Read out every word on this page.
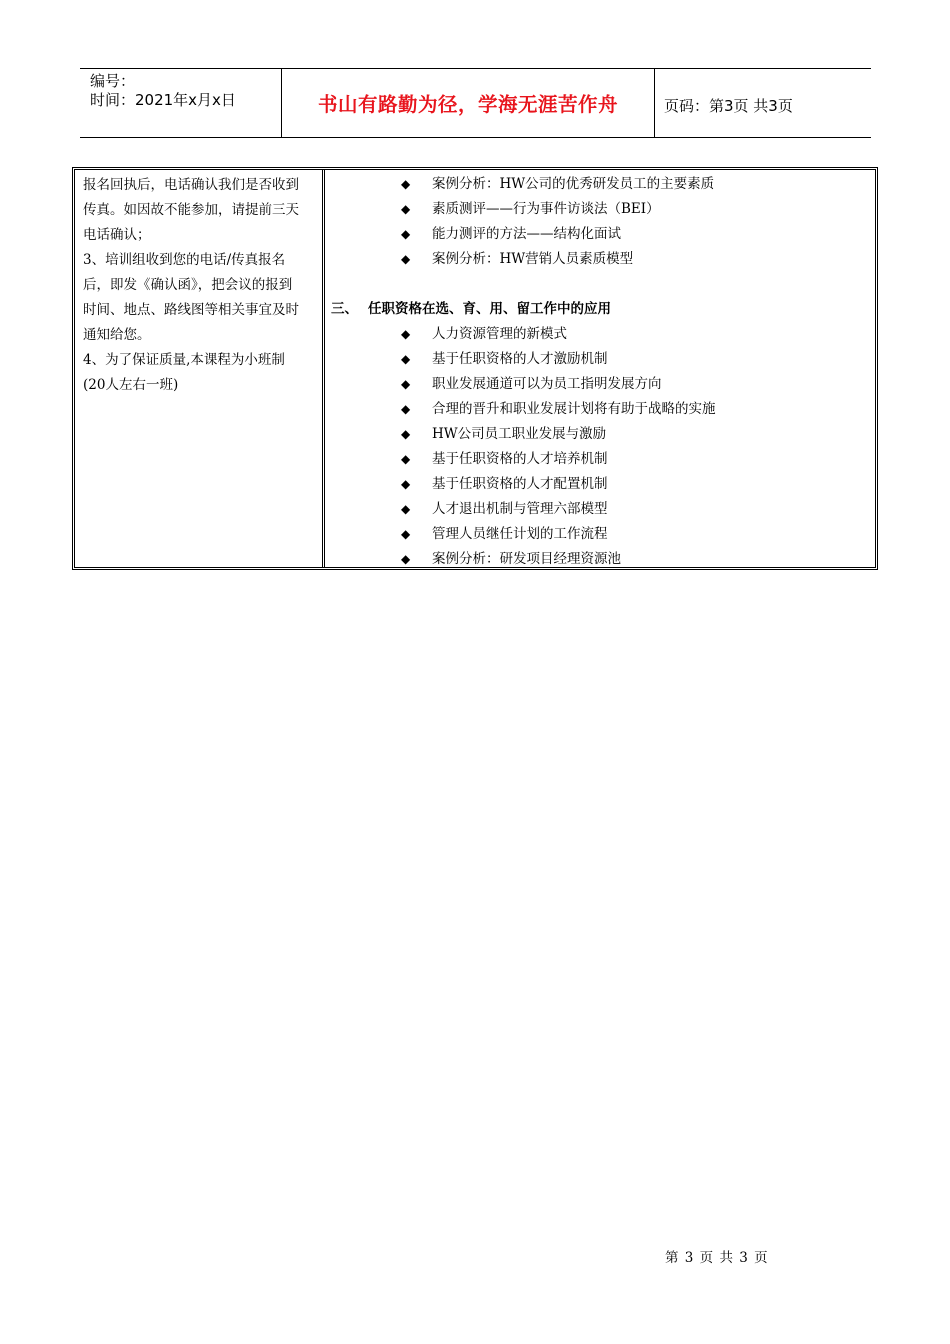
编号：
时间：2021年x月x日	书山有路勤为径，学海无涯苦作舟	页码：第3页 共3页
报名回执后，电话确认我们是否收到
传真。如因故不能参加，请提前三天
电话确认；
3、培训组收到您的电话/传真报名
后，即发《确认函》，把会议的报到
时间、地点、路线图等相关事宜及时
通知给您。
4、为了保证质量,本课程为小班制
(20人左右一班)
◆ 案例分析：HW公司的优秀研发员工的主要素质
◆ 素质测评——行为事件访谈法（BEI）
◆ 能力测评的方法——结构化面试
◆ 案例分析：HW营销人员素质模型
三、 任职资格在选、育、用、留工作中的应用
◆ 人力资源管理的新模式
◆ 基于任职资格的人才激励机制
◆ 职业发展通道可以为员工指明发展方向
◆ 合理的晋升和职业发展计划将有助于战略的实施
◆ HW公司员工职业发展与激励
◆ 基于任职资格的人才培养机制
◆ 基于任职资格的人才配置机制
◆ 人才退出机制与管理六部模型
◆ 管理人员继任计划的工作流程
◆ 案例分析：研发项目经理资源池
第 3 页 共 3 页
